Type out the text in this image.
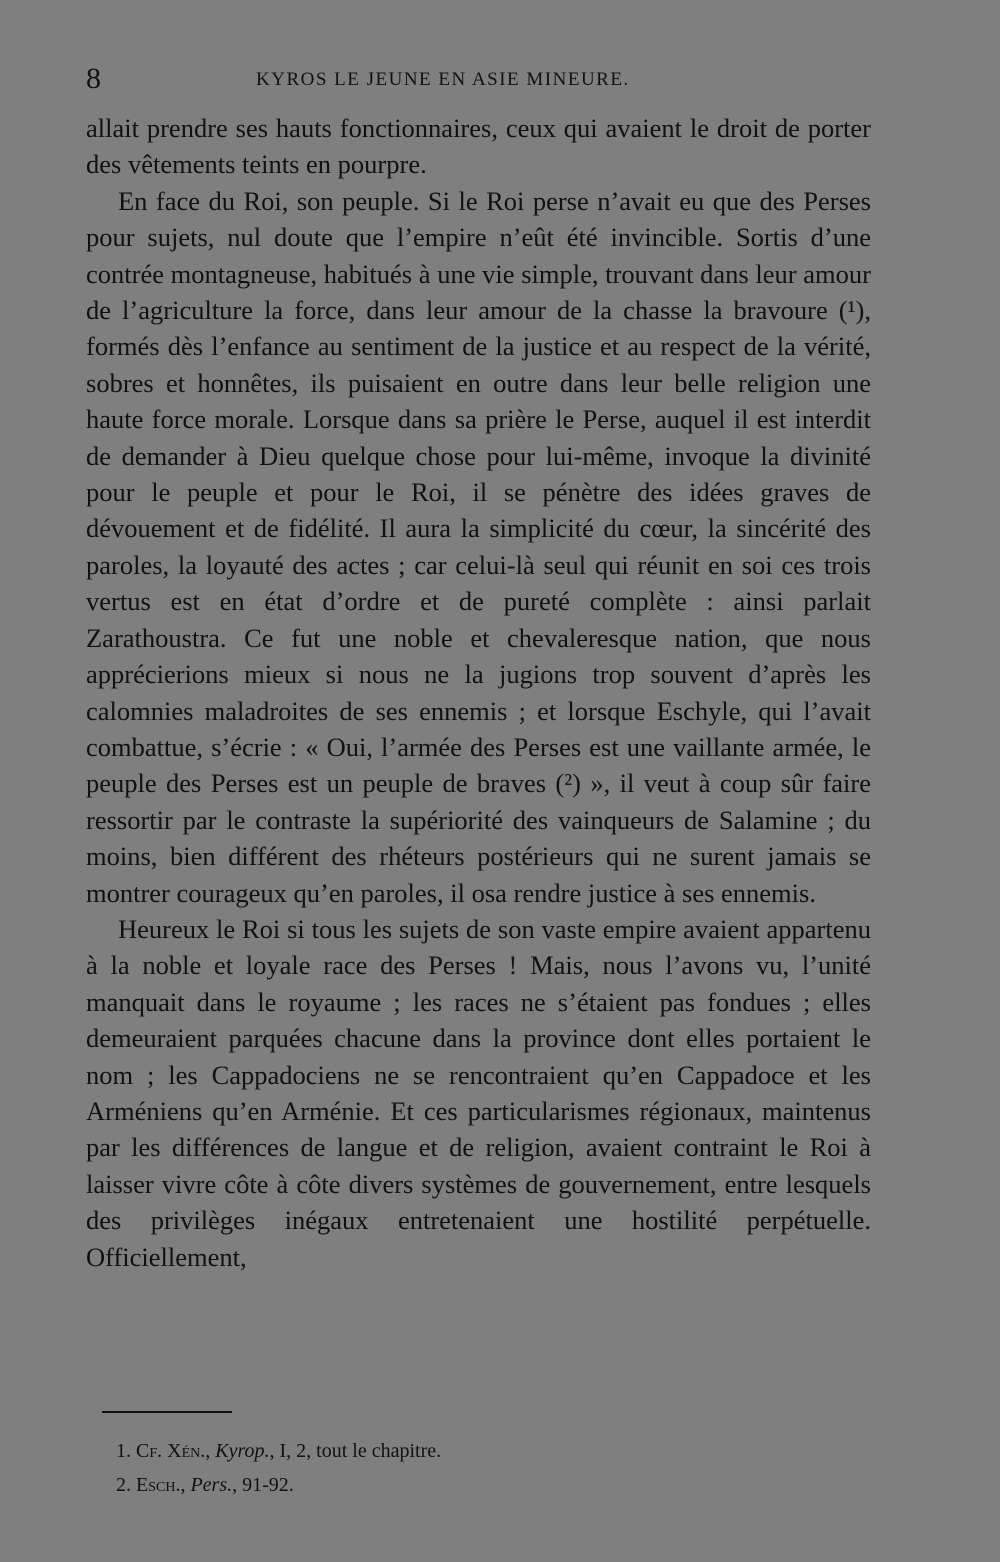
8	KYROS LE JEUNE EN ASIE MINEURE.

allait prendre ses hauts fonctionnaires, ceux qui avaient le droit de porter des vêtements teints en pourpre.

En face du Roi, son peuple. Si le Roi perse n’avait eu que des Perses pour sujets, nul doute que l’empire n’eût été invincible. Sortis d’une contrée montagneuse, habitués à une vie simple, trouvant dans leur amour de l’agriculture la force, dans leur amour de la chasse la bravoure (¹), formés dès l’enfance au sentiment de la justice et au respect de la vérité, sobres et honnêtes, ils puisaient en outre dans leur belle religion une haute force morale. Lorsque dans sa prière le Perse, auquel il est interdit de demander à Dieu quelque chose pour lui-même, invoque la divinité pour le peuple et pour le Roi, il se pénètre des idées graves de dévouement et de fidélité. Il aura la simplicité du cœur, la sincérité des paroles, la loyauté des actes ; car celui-là seul qui réunit en soi ces trois vertus est en état d’ordre et de pureté complète : ainsi parlait Zarathoustra. Ce fut une noble et chevaleresque nation, que nous apprécierions mieux si nous ne la jugions trop souvent d’après les calomnies maladroites de ses ennemis ; et lorsque Eschyle, qui l’avait combattue, s’écrie : « Oui, l’armée des Perses est une vaillante armée, le peuple des Perses est un peuple de braves (²) », il veut à coup sûr faire ressortir par le contraste la supériorité des vainqueurs de Salamine ; du moins, bien différent des rhéteurs postérieurs qui ne surent jamais se montrer courageux qu’en paroles, il osa rendre justice à ses ennemis.

Heureux le Roi si tous les sujets de son vaste empire avaient appartenu à la noble et loyale race des Perses ! Mais, nous l’avons vu, l’unité manquait dans le royaume ; les races ne s’étaient pas fondues ; elles demeuraient parquées chacune dans la province dont elles portaient le nom ; les Cappadociens ne se rencontraient qu’en Cappadoce et les Arméniens qu’en Arménie. Et ces particularismes régionaux, maintenus par les différences de langue et de religion, avaient contraint le Roi à laisser vivre côte à côte divers systèmes de gouvernement, entre lesquels des privilèges inégaux entretenaient une hostilité perpétuelle. Officiellement,

1. Cf. Xén., Kyrop., I, 2, tout le chapitre.
2. Esch., Pers., 91-92.
